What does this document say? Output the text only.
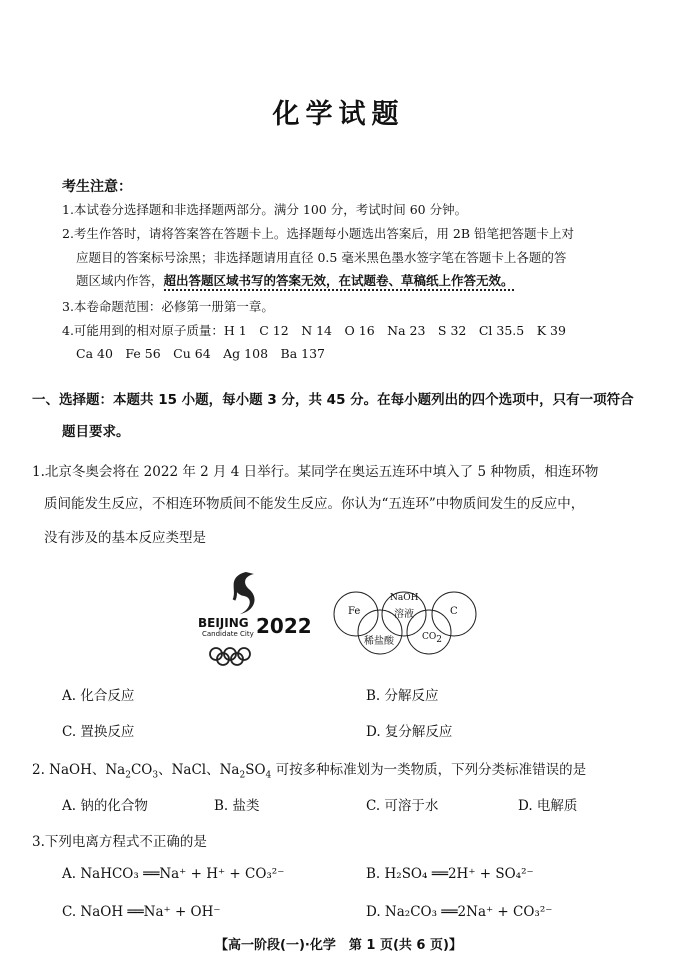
化学试题
考生注意：
1.本试卷分选择题和非选择题两部分。满分 100 分，考试时间 60 分钟。
2.考生作答时，请将答案答在答题卡上。选择题每小题选出答案后，用 2B 铅笔把答题卡上对
应题目的答案标号涂黑；非选择题请用直径 0.5 毫米黑色墨水签字笔在答题卡上各题的答
题区域内作答，超出答题区域书写的答案无效，在试题卷、草稿纸上作答无效。
3.本卷命题范围：必修第一册第一章。
4.可能用到的相对原子质量：H 1　C 12　N 14　O 16　Na 23　S 32　Cl 35.5　K 39
Ca 40　Fe 56　Cu 64　Ag 108　Ba 137
一、选择题：本题共 15 小题，每小题 3 分，共 45 分。在每小题列出的四个选项中，只有一项符合
题目要求。
1.北京冬奥会将在 2022 年 2 月 4 日举行。某同学在奥运五连环中填入了 5 种物质，相连环物
质间能发生反应，不相连环物质间不能发生反应。你认为“五连环”中物质间发生的反应中，
没有涉及的基本反应类型是
BEIJING
Candidate City 2022
Fe
NaOH
溶液	C
稀盐酸	$CO_2$
A. 化合反应	B. 分解反应
C. 置换反应	D. 复分解反应
2. NaOH、$Na_2CO_3$、NaCl、$Na_2SO_4$ 可按多种标准划为一类物质，下列分类标准错误的是
A. 钠的化合物	B. 盐类	C. 可溶于水	D. 电解质
3.下列电离方程式不正确的是
A. NaHCO₃ ══Na⁺ + H⁺ + CO₃²⁻	B. H₂SO₄ ══2H⁺ + SO₄²⁻
C. NaOH ══Na⁺ + OH⁻	D. Na₂CO₃ ══2Na⁺ + CO₃²⁻
【高一阶段(一)·化学　第 1 页(共 6 页)】
